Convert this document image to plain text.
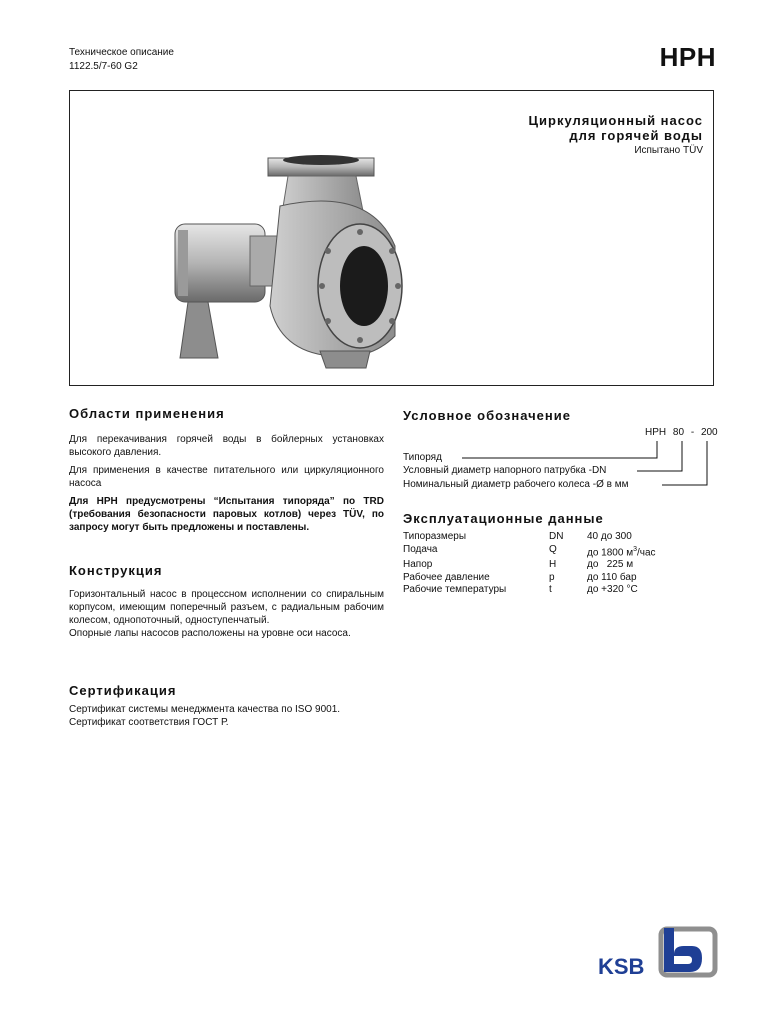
Техническое описание
1122.5/7-60 G2	HPH
Циркуляционный насос
для горячей воды
Испытано TÜV
Области применения

Для перекачивания горячей воды в бойлерных установках высокого давления.

Для применения в качестве питательного или циркуляционного насоса

Для HPH предусмотрены “Испытания типоряда” по TRD (требования безопасности паровых котлов) через TÜV, по запросу могут быть предложены и поставлены.

Конструкция

Горизонтальный насос в процессном исполнении со спиральным корпусом, имеющим поперечный разъем, с радиальным рабочим колесом, однопоточный, одноступенчатый.

Опорные лапы насосов расположены на уровне оси насоса.

Сертификация
Сертификат системы менеджмента качества по ISO 9001.
Сертификат соответствия ГОСТ Р.
Условное обозначение
HPH 80 - 200
Типоряд
Условный диаметр напорного патрубка -DN
Номинальный диаметр рабочего колеса -Ø в мм
Эксплуатационные данные
Типоразмеры	DN	40 до 300
Подача	Q	до 1800 $м^3$/час
Напор	H	до   225 м
Рабочее давление	p	до 110 бар
Рабочие температуры	t	до +320 °C
KSB
